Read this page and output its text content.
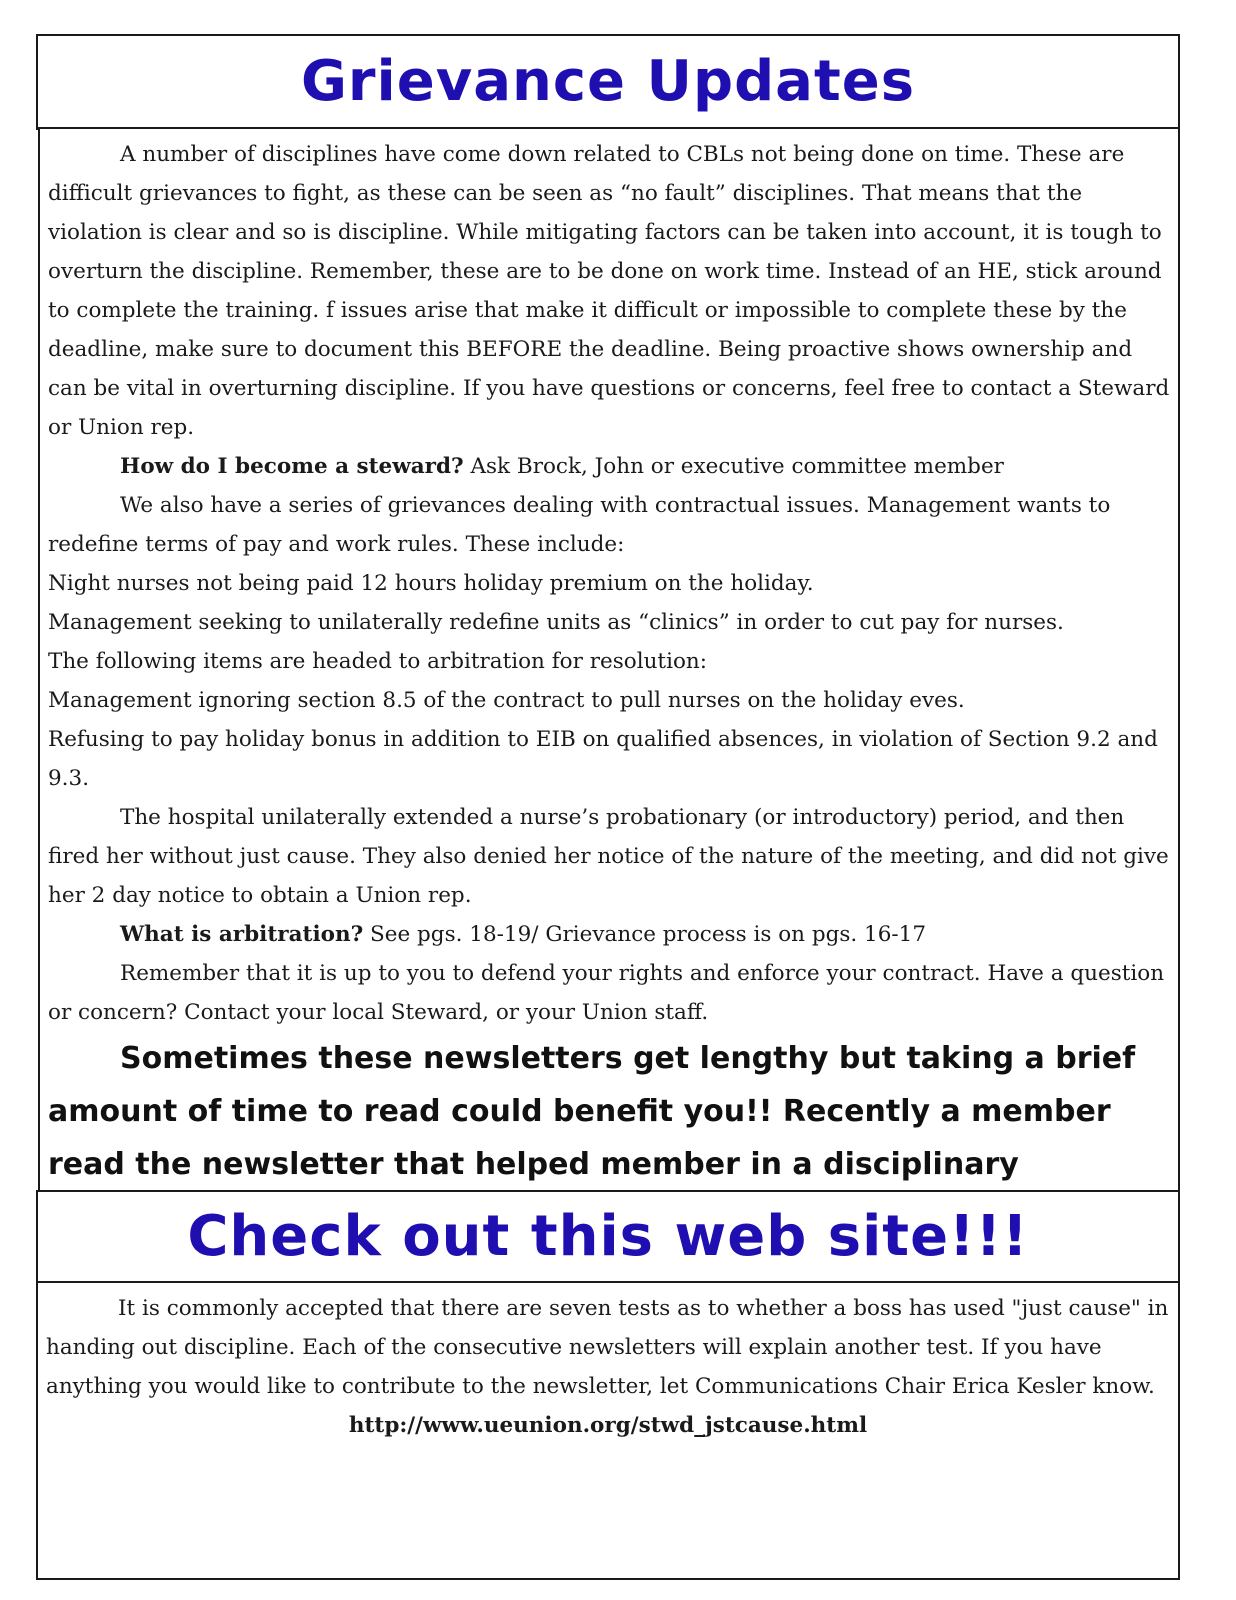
Grievance Updates

A number of disciplines have come down related to CBLs not being done on time. These are difficult grievances to fight, as these can be seen as “no fault” disciplines. That means that the violation is clear and so is discipline. While mitigating factors can be taken into account, it is tough to overturn the discipline. Remember, these are to be done on work time. Instead of an HE, stick around to complete the training. f issues arise that make it difficult or impossible to complete these by the deadline, make sure to document this BEFORE the deadline. Being proactive shows ownership and can be vital in overturning discipline. If you have questions or concerns, feel free to contact a Steward or Union rep.

How do I become a steward? Ask Brock, John or executive committee member

We also have a series of grievances dealing with contractual issues. Management wants to redefine terms of pay and work rules. These include:

Night nurses not being paid 12 hours holiday premium on the holiday.

Management seeking to unilaterally redefine units as “clinics” in order to cut pay for nurses.

The following items are headed to arbitration for resolution:

Management ignoring section 8.5 of the contract to pull nurses on the holiday eves.

Refusing to pay holiday bonus in addition to EIB on qualified absences, in violation of Section 9.2 and 9.3.

The hospital unilaterally extended a nurse’s probationary (or introductory) period, and then fired her without just cause. They also denied her notice of the nature of the meeting, and did not give her 2 day notice to obtain a Union rep.

What is arbitration? See pgs. 18-19/ Grievance process is on pgs. 16-17

Remember that it is up to you to defend your rights and enforce your contract. Have a question or concern? Contact your local Steward, or your Union staff.

Sometimes these newsletters get lengthy but taking a brief amount of time to read could benefit you!! Recently a member read the newsletter that helped member in a disciplinary

Check out this web site!!!

It is commonly accepted that there are seven tests as to whether a boss has used "just cause" in handing out discipline. Each of the consecutive newsletters will explain another test. If you have anything you would like to contribute to the newsletter, let Communications Chair Erica Kesler know.

http://www.ueunion.org/stwd_jstcause.html
